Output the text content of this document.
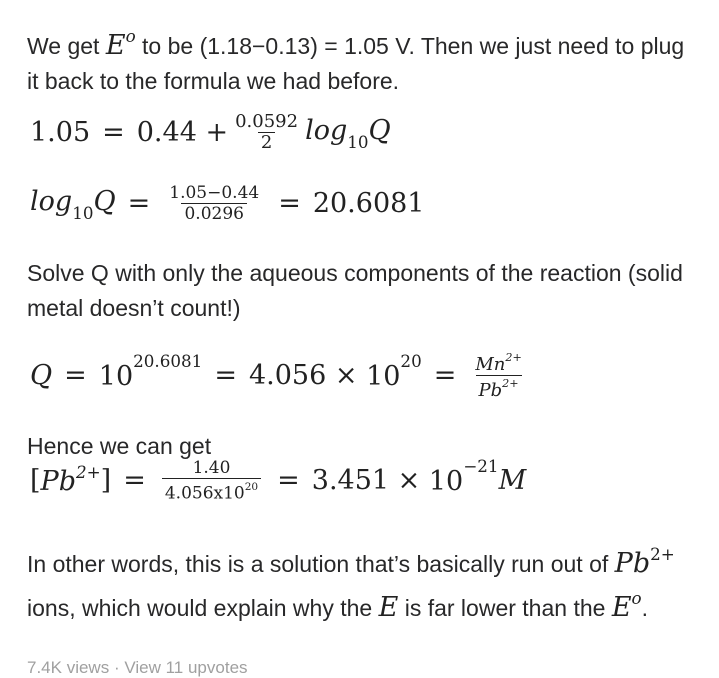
We get $E^o$ to be (1.18−0.13) = 1.05 V. Then we just need to plug it back to the formula we had before.
$1.05 = 0.44 + \frac{0.0592}{2} \log_{10}Q$
$\log_{10}Q = \frac{1.05-0.44}{0.0296} = 20.6081$
Solve Q with only the aqueous components of the reaction (solid metal doesn’t count!)
$Q = 10^{20.6081} = 4.056$ ×
$10^{20} = \frac{Mn^{2+}}{Pb^{2+}}$
Hence we can get
[ $Pb^{2+}$ ] = $\frac{1.40}{4.056x10^{20}} = 3.451$ ×
$10^{-21}$ M
In other words, this is a solution that’s basically run out of $Pb^{2+}$ ions, which would explain why the E is far lower than the $E^o$.
7.4K views · View 11 upvotes
